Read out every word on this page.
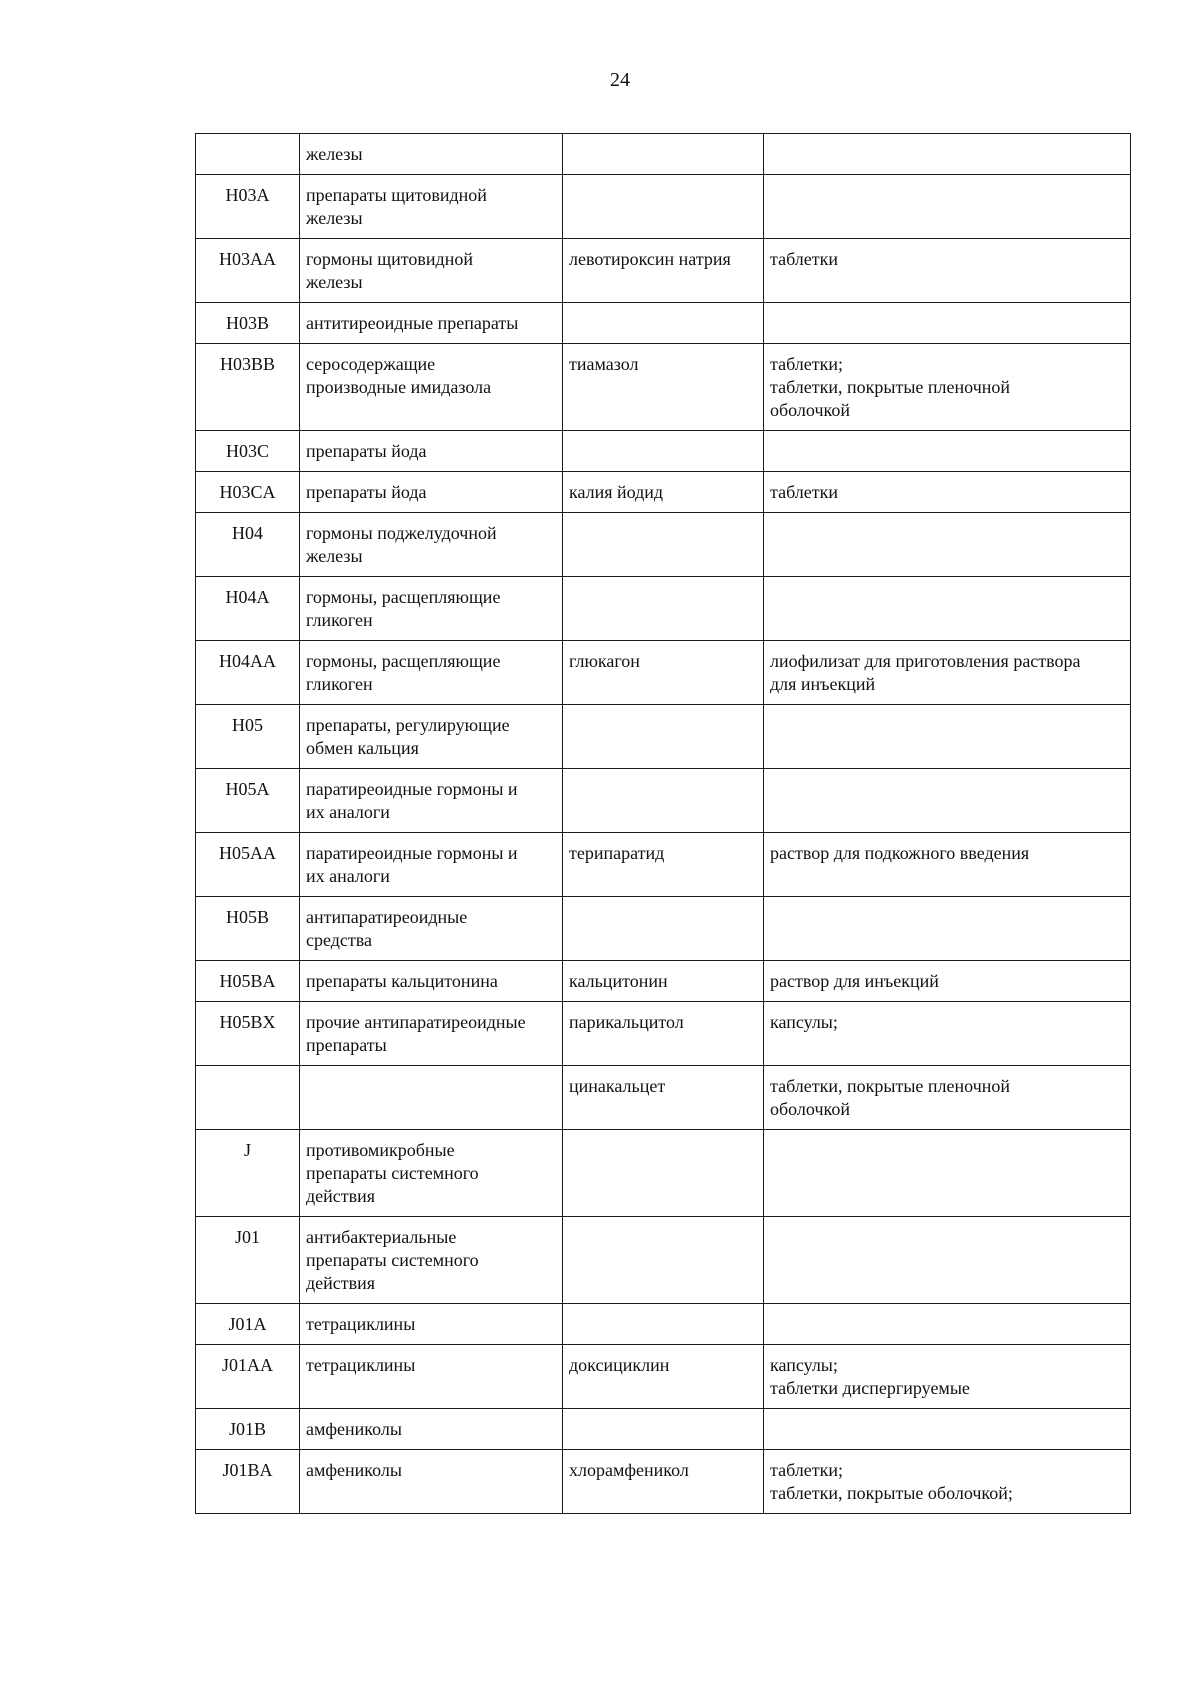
24

	железы		

H03A	препараты щитовидной
железы		

H03AA	гормоны щитовидной
железы	левотироксин натрия	таблетки

H03B	антитиреоидные препараты		

H03BB	серосодержащие
производные имидазола	тиамазол	таблетки;
таблетки, покрытые пленочной
оболочкой

H03C	препараты йода		

H03CA	препараты йода	калия йодид	таблетки

H04	гормоны поджелудочной
железы		

H04A	гормоны, расщепляющие
гликоген		

H04AA	гормоны, расщепляющие
гликоген	глюкагон	лиофилизат для приготовления раствора
для инъекций

H05	препараты, регулирующие
обмен кальция		

H05A	паратиреоидные гормоны и
их аналоги		

H05AA	паратиреоидные гормоны и
их аналоги	терипаратид	раствор для подкожного введения

H05B	антипаратиреоидные
средства		

H05BA	препараты кальцитонина	кальцитонин	раствор для инъекций

H05BX	прочие антипаратиреоидные
препараты	парикальцитол	капсулы;

		цинакальцет	таблетки, покрытые пленочной
оболочкой

J	противомикробные
препараты системного
действия		

J01	антибактериальные
препараты системного
действия		

J01A	тетрациклины		

J01AA	тетрациклины	доксициклин	капсулы;
таблетки диспергируемые

J01B	амфениколы		

J01BA	амфениколы	хлорамфеникол	таблетки;
таблетки, покрытые оболочкой;
